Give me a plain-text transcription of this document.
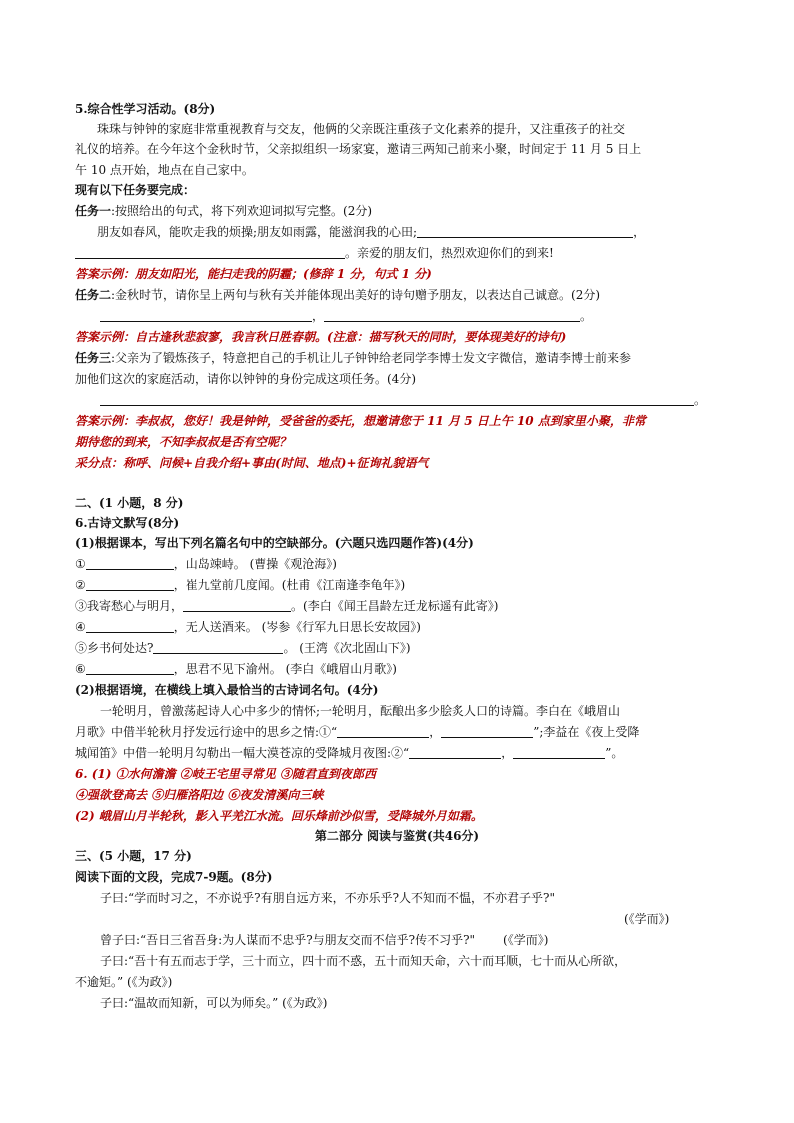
5.综合性学习活动。(8分)
珠珠与钟钟的家庭非常重视教育与交友，他俩的父亲既注重孩子文化素养的提升，又注重孩子的社交
礼仪的培养。在今年这个金秋时节，父亲拟组织一场家宴，邀请三两知己前来小聚，时间定于 11 月 5 日上
午 10 点开始，地点在自己家中。
现有以下任务要完成：
任务一:按照给出的句式，将下列欢迎词拟写完整。(2分)
朋友如春风，能吹走我的烦操;朋友如雨露，能滋润我的心田;	，
。亲爱的朋友们，热烈欢迎你们的到来!
答案示例：朋友如阳光，能扫走我的阴霾；(修辞 1 分，句式 1 分)
任务二:金秋时节，请你呈上两句与秋有关并能体现出美好的诗句赠予朋友，以表达自己诚意。(2分)
，	。
答案示例：自古逢秋悲寂寥，我言秋日胜春朝。(注意：描写秋天的同时，要体现美好的诗句)
任务三:父亲为了锻炼孩子，特意把自己的手机让儿子钟钟给老同学李博士发文字微信，邀请李博士前来参
加他们这次的家庭活动，请你以钟钟的身份完成这项任务。(4分)
。
答案示例：李叔叔，您好！我是钟钟，受爸爸的委托，想邀请您于 11 月 5 日上午 10 点到家里小聚，非常
期待您的到来，不知李叔叔是否有空呢？
采分点：称呼、问候+自我介绍+事由(时间、地点)+征询礼貌语气
二、(1 小题，8 分)
6.古诗文默写(8分)
(1)根据课本，写出下列名篇名句中的空缺部分。(六题只选四题作答)(4分)
①	，山岛竦峙。 (曹操《观沧海》)
②	，崔九堂前几度闻。(杜甫《江南逢李龟年》)
③我寄愁心与明月，	。(李白《闻王昌龄左迁龙标遥有此寄》)
④	，无人送酒来。 (岑参《行军九日思长安故园》)
⑤乡书何处达?	。 (王湾《次北固山下》)
⑥	，思君不见下渝州。 (李白《峨眉山月歌》)
(2)根据语境，在横线上填入最恰当的古诗词名句。(4分)
一轮明月，曾激荡起诗人心中多少的情怀;一轮明月，酝酿出多少脍炙人口的诗篇。李白在《峨眉山
月歌》中借半轮秋月抒发远行途中的思乡之情:①“	，	”;李益在《夜上受降
城闻笛》中借一轮明月勾勒出一幅大漠苍凉的受降城月夜图:②“	，	”。
6. (1) ①水何澹澹 ②岐王宅里寻常见 ③随君直到夜郎西
④强欲登高去 ⑤归雁洛阳边 ⑥夜发清溪向三峡
(2) 峨眉山月半轮秋，影入平羌江水流。回乐烽前沙似雪，受降城外月如霜。
第二部分 阅读与鉴赏(共46分)
三、(5 小题，17 分)
阅读下面的文段，完成7-9题。(8分)
子曰:“学而时习之，不亦说乎?有朋自远方来，不亦乐乎?人不知而不愠，不亦君子乎?"
(《学而》)
曾子曰:“吾日三省吾身:为人谋而不忠乎?与朋友交而不信乎?传不习乎?" (《学而》)
子曰:“吾十有五而志于学，三十而立，四十而不惑，五十而知天命，六十而耳顺，七十而从心所欲，
不逾矩。” (《为政》)
子曰:“温故而知新，可以为师矣。” (《为政》)
